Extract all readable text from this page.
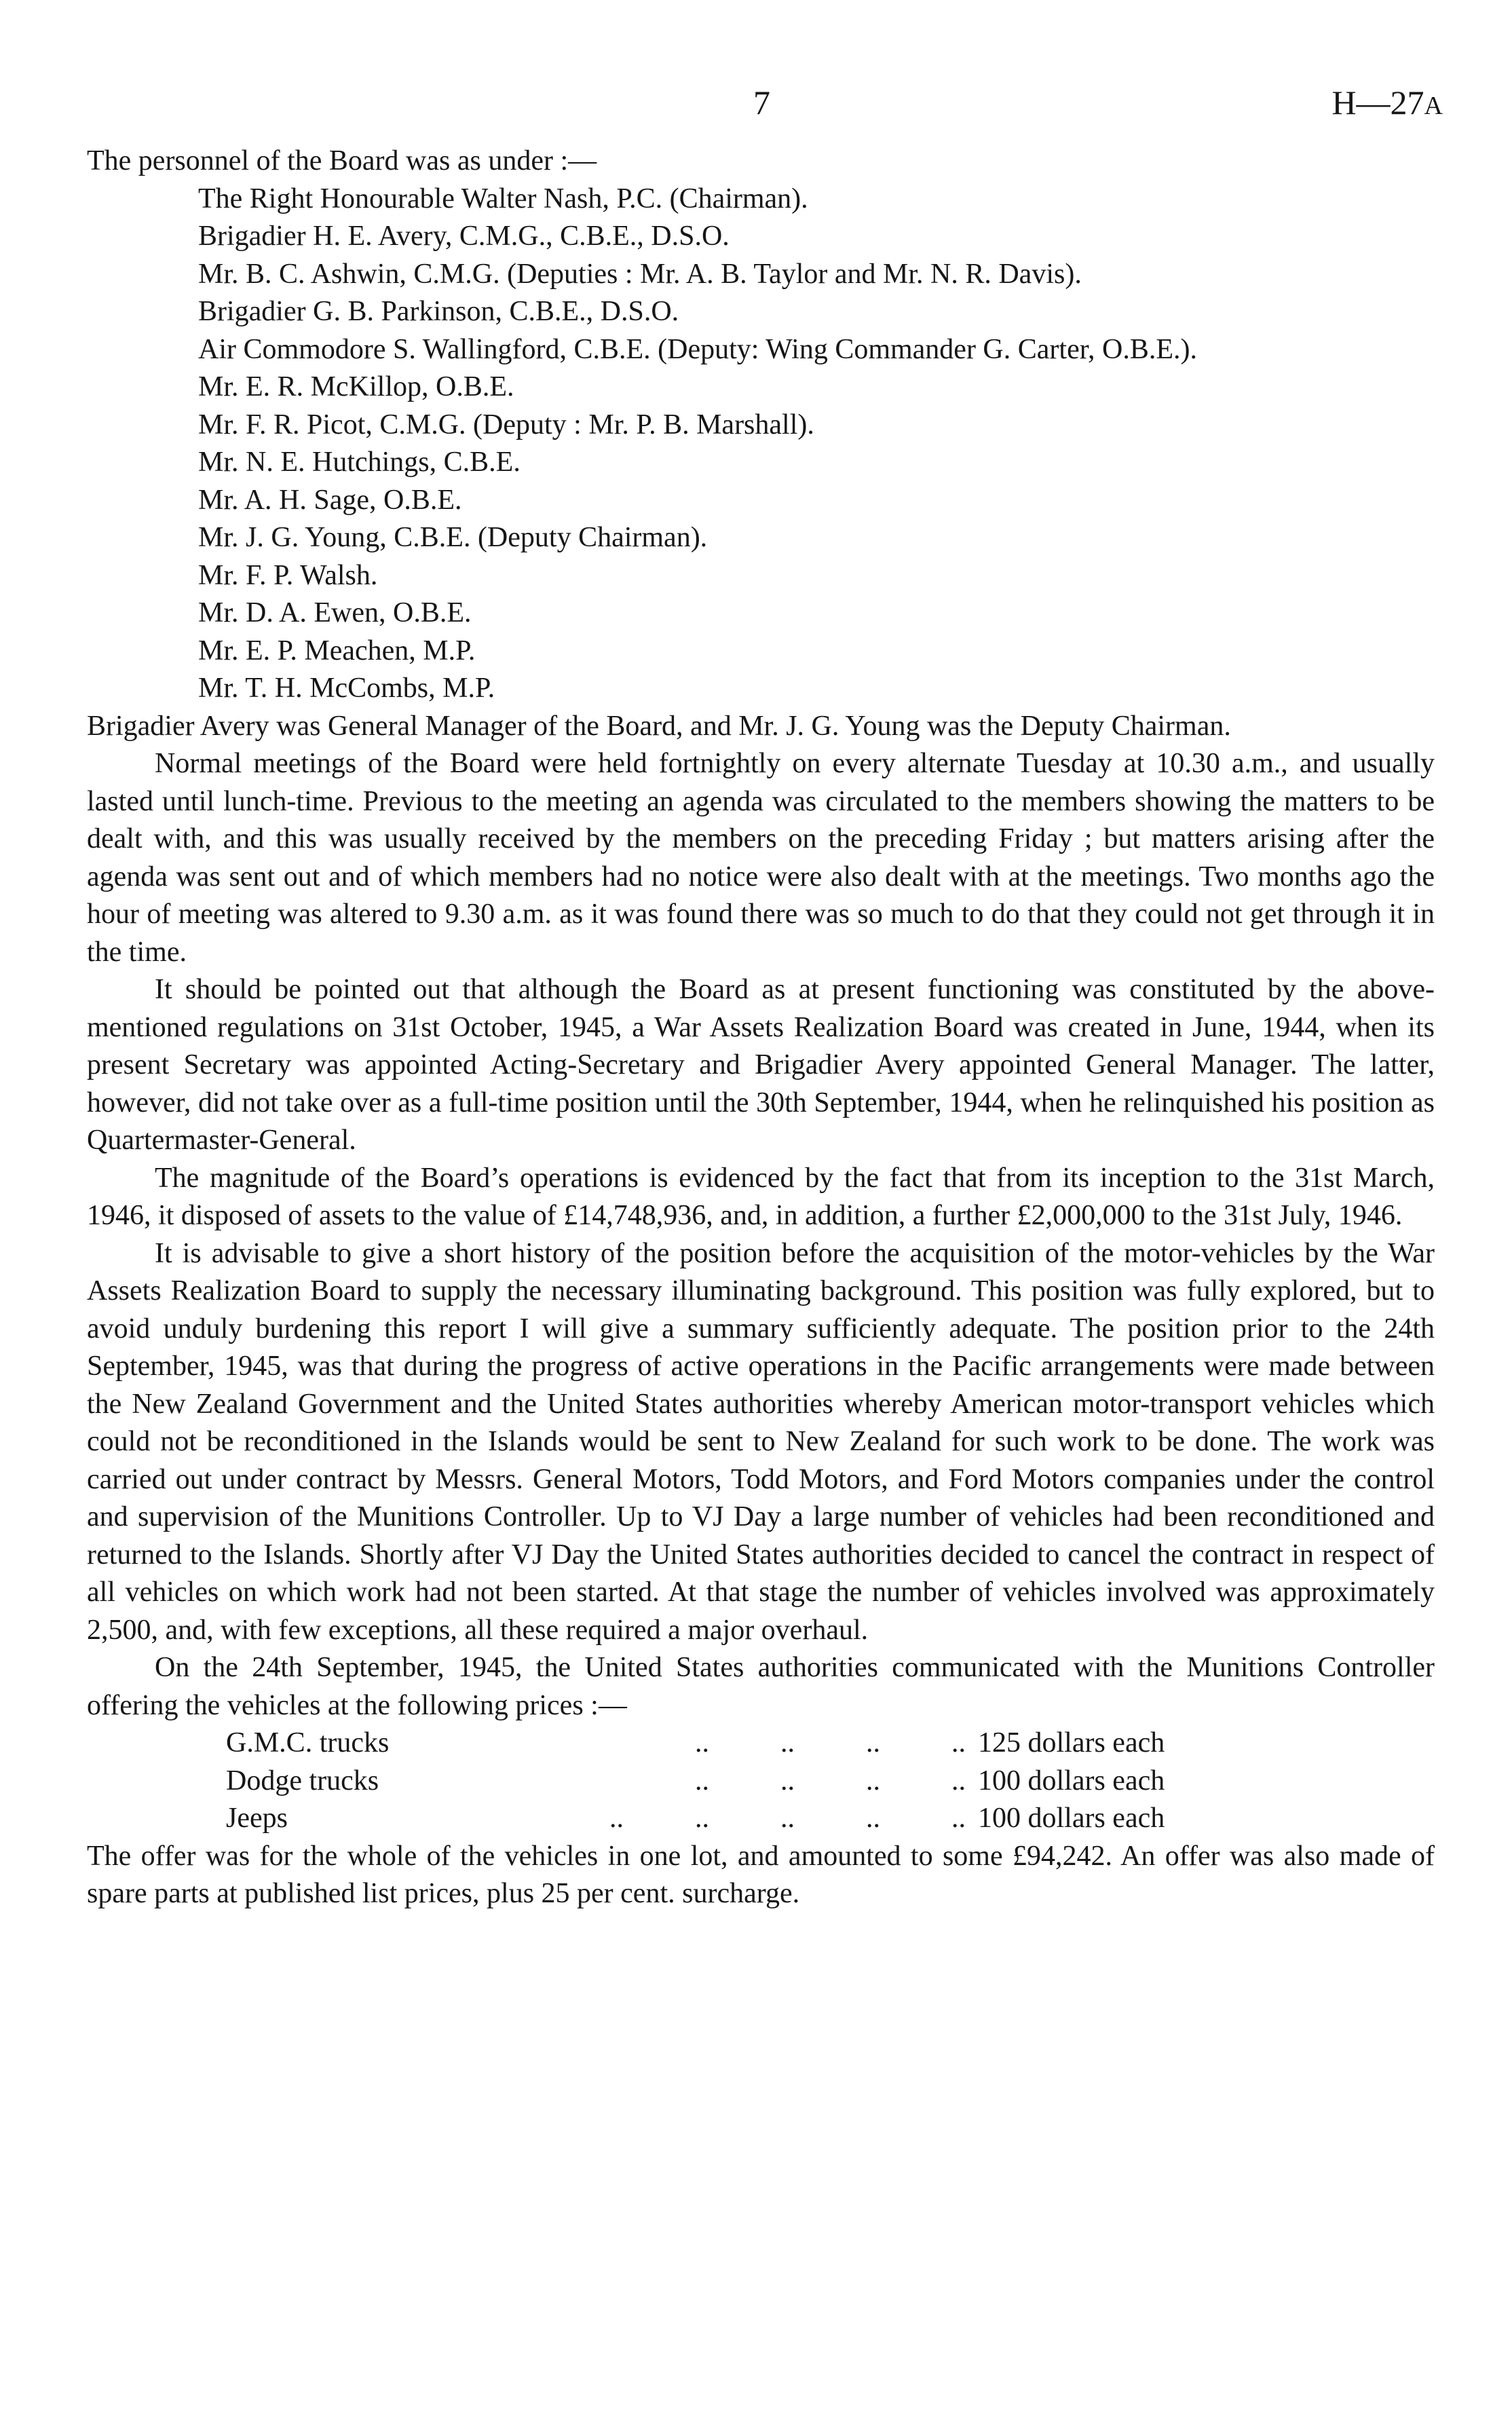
7	H—27A

The personnel of the Board was as under :—

The Right Honourable Walter Nash, P.C. (Chairman).
Brigadier H. E. Avery, C.M.G., C.B.E., D.S.O.
Mr. B. C. Ashwin, C.M.G. (Deputies : Mr. A. B. Taylor and Mr. N. R. Davis).
Brigadier G. B. Parkinson, C.B.E., D.S.O.
Air Commodore S. Wallingford, C.B.E. (Deputy: Wing Commander G. Carter, O.B.E.).
Mr. E. R. McKillop, O.B.E.
Mr. F. R. Picot, C.M.G. (Deputy : Mr. P. B. Marshall).
Mr. N. E. Hutchings, C.B.E.
Mr. A. H. Sage, O.B.E.
Mr. J. G. Young, C.B.E. (Deputy Chairman).
Mr. F. P. Walsh.
Mr. D. A. Ewen, O.B.E.
Mr. E. P. Meachen, M.P.
Mr. T. H. McCombs, M.P.

Brigadier Avery was General Manager of the Board, and Mr. J. G. Young was the Deputy Chairman.

Normal meetings of the Board were held fortnightly on every alternate Tuesday at 10.30 a.m., and usually lasted until lunch-time. Previous to the meeting an agenda was circulated to the members showing the matters to be dealt with, and this was usually received by the members on the preceding Friday ; but matters arising after the agenda was sent out and of which members had no notice were also dealt with at the meetings. Two months ago the hour of meeting was altered to 9.30 a.m. as it was found there was so much to do that they could not get through it in the time.

It should be pointed out that although the Board as at present functioning was constituted by the above-mentioned regulations on 31st October, 1945, a War Assets Realization Board was created in June, 1944, when its present Secretary was appointed Acting-Secretary and Brigadier Avery appointed General Manager. The latter, however, did not take over as a full-time position until the 30th September, 1944, when he relinquished his position as Quartermaster-General.

The magnitude of the Board’s operations is evidenced by the fact that from its inception to the 31st March, 1946, it disposed of assets to the value of £14,748,936, and, in addition, a further £2,000,000 to the 31st July, 1946.

It is advisable to give a short history of the position before the acquisition of the motor-vehicles by the War Assets Realization Board to supply the necessary illuminating background. This position was fully explored, but to avoid unduly burdening this report I will give a summary sufficiently adequate. The position prior to the 24th September, 1945, was that during the progress of active operations in the Pacific arrangements were made between the New Zealand Government and the United States authorities whereby American motor-transport vehicles which could not be reconditioned in the Islands would be sent to New Zealand for such work to be done. The work was carried out under contract by Messrs. General Motors, Todd Motors, and Ford Motors companies under the control and supervision of the Munitions Controller. Up to VJ Day a large number of vehicles had been reconditioned and returned to the Islands. Shortly after VJ Day the United States authorities decided to cancel the contract in respect of all vehicles on which work had not been started. At that stage the number of vehicles involved was approximately 2,500, and, with few exceptions, all these required a major overhaul.

On the 24th September, 1945, the United States authorities communicated with the Munitions Controller offering the vehicles at the following prices :—

G.M.C. trucks	..          ..          ..          ..	125 dollars each
Dodge trucks	..          ..          ..          ..	100 dollars each
Jeeps	..          ..          ..          ..          ..	100 dollars each

The offer was for the whole of the vehicles in one lot, and amounted to some £94,242. An offer was also made of spare parts at published list prices, plus 25 per cent. surcharge.
